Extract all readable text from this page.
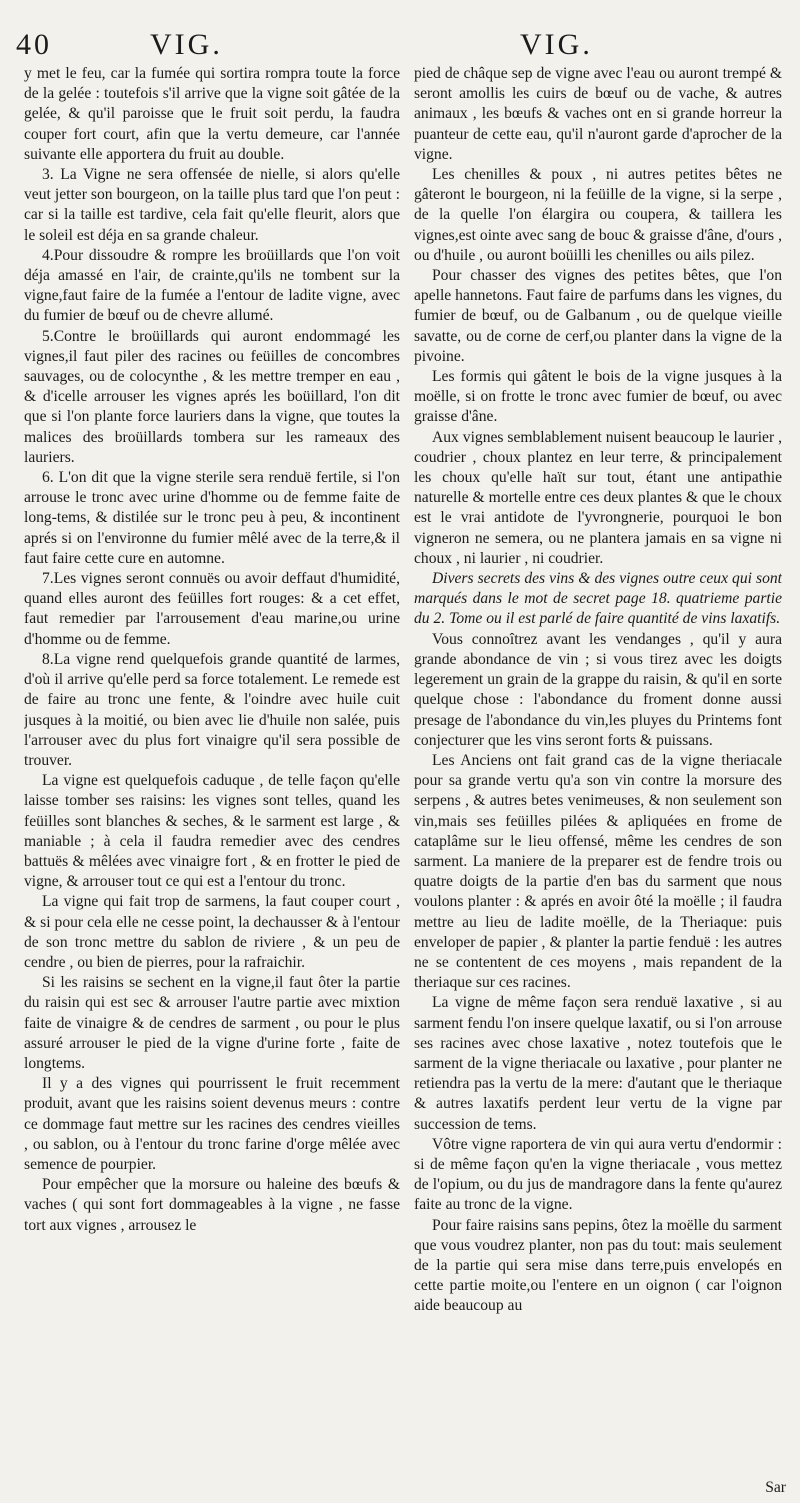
40	VIG.	VIG.

y met le feu, car la fumée qui sortira rompra toute la force de la gelée : toutefois s'il arrive que la vigne soit gâtée de la gelée, & qu'il paroisse que le fruit soit perdu, la faudra couper fort court, afin que la vertu demeure, car l'année suivante elle apportera du fruit au double.

3. La Vigne ne sera offensée de nielle, si alors qu'elle veut jetter son bourgeon, on la taille plus tard que l'on peut : car si la taille est tardive, cela fait qu'elle fleurit, alors que le soleil est déja en sa grande chaleur.

4.Pour dissoudre & rompre les broüillards que l'on voit déja amassé en l'air, de crainte,qu'ils ne tombent sur la vigne,faut faire de la fumée a l'entour de ladite vigne, avec du fumier de bœuf ou de chevre allumé.

5.Contre le broüillards qui auront endommagé les vignes,il faut piler des racines ou feüilles de concombres sauvages, ou de colocynthe , & les mettre tremper en eau , & d'icelle arrouser les vignes aprés les boüillard, l'on dit que si l'on plante force lauriers dans la vigne, que toutes la malices des broüillards tombera sur les rameaux des lauriers.

6. L'on dit que la vigne sterile sera renduë fertile, si l'on arrouse le tronc avec urine d'homme ou de femme faite de long-tems, & distilée sur le tronc peu à peu, & incontinent aprés si on l'environne du fumier mêlé avec de la terre,& il faut faire cette cure en automne.

7.Les vignes seront connuës ou avoir deffaut d'humidité, quand elles auront des feüilles fort rouges: & a cet effet, faut remedier par l'arrousement d'eau marine,ou urine d'homme ou de femme.

8.La vigne rend quelquefois grande quantité de larmes, d'où il arrive qu'elle perd sa force totalement. Le remede est de faire au tronc une fente, & l'oindre avec huile cuit jusques à la moitié, ou bien avec lie d'huile non salée, puis l'arrouser avec du plus fort vinaigre qu'il sera possible de trouver.

La vigne est quelquefois caduque , de telle façon qu'elle laisse tomber ses raisins: les vignes sont telles, quand les feüilles sont blanches & seches, & le sarment est large , & maniable ; à cela il faudra remedier avec des cendres battuës & mêlées avec vinaigre fort , & en frotter le pied de vigne, & arrouser tout ce qui est a l'entour du tronc.

La vigne qui fait trop de sarmens, la faut couper court , & si pour cela elle ne cesse point, la dechausser & à l'entour de son tronc mettre du sablon de riviere , & un peu de cendre , ou bien de pierres, pour la rafraichir.

Si les raisins se sechent en la vigne,il faut ôter la partie du raisin qui est sec & arrouser l'autre partie avec mixtion faite de vinaigre & de cendres de sarment , ou pour le plus assuré arrouser le pied de la vigne d'urine forte , faite de longtems.

Il y a des vignes qui pourrissent le fruit recemment produit, avant que les raisins soient devenus meurs : contre ce dommage faut mettre sur les racines des cendres vieilles , ou sablon, ou à l'entour du tronc farine d'orge mêlée avec semence de pourpier.

Pour empêcher que la morsure ou haleine des bœufs & vaches ( qui sont fort dommageables à la vigne , ne fasse tort aux vignes , arrousez le

pied de châque sep de vigne avec l'eau ou auront trempé & seront amollis les cuirs de bœuf ou de vache, & autres animaux , les bœufs & vaches ont en si grande horreur la puanteur de cette eau, qu'il n'auront garde d'aprocher de la vigne.

Les chenilles & poux , ni autres petites bêtes ne gâteront le bourgeon, ni la feüille de la vigne, si la serpe , de la quelle l'on élargira ou coupera, & taillera les vignes,est ointe avec sang de bouc & graisse d'âne, d'ours , ou d'huile , ou auront boüilli les chenilles ou ails pilez.

Pour chasser des vignes des petites bêtes, que l'on apelle hannetons. Faut faire de parfums dans les vignes, du fumier de bœuf, ou de Galbanum , ou de quelque vieille savatte, ou de corne de cerf,ou planter dans la vigne de la pivoine.

Les formis qui gâtent le bois de la vigne jusques à la moëlle, si on frotte le tronc avec fumier de bœuf, ou avec graisse d'âne.

Aux vignes semblablement nuisent beaucoup le laurier , coudrier , choux plantez en leur terre, & principalement les choux qu'elle haït sur tout, étant une antipathie naturelle & mortelle entre ces deux plantes & que le choux est le vrai antidote de l'yvrongnerie, pourquoi le bon vigneron ne semera, ou ne plantera jamais en sa vigne ni choux , ni laurier , ni coudrier.

Divers secrets des vins & des vignes outre ceux qui sont marqués dans le mot de secret page 18. quatrieme partie du 2. Tome ou il est parlé de faire quantité de vins laxatifs.

Vous connoîtrez avant les vendanges , qu'il y aura grande abondance de vin ; si vous tirez avec les doigts legerement un grain de la grappe du raisin, & qu'il en sorte quelque chose : l'abondance du froment donne aussi presage de l'abondance du vin,les pluyes du Printems font conjecturer que les vins seront forts & puissans.

Les Anciens ont fait grand cas de la vigne theriacale pour sa grande vertu qu'a son vin contre la morsure des serpens , & autres betes venimeuses, & non seulement son vin,mais ses feüilles pilées & apliquées en frome de cataplâme sur le lieu offensé, même les cendres de son sarment. La maniere de la preparer est de fendre trois ou quatre doigts de la partie d'en bas du sarment que nous voulons planter : & aprés en avoir ôté la moëlle ; il faudra mettre au lieu de ladite moëlle, de la Theriaque: puis enveloper de papier , & planter la partie fenduë : les autres ne se contentent de ces moyens , mais repandent de la theriaque sur ces racines.

La vigne de même façon sera renduë laxative , si au sarment fendu l'on insere quelque laxatif, ou si l'on arrouse ses racines avec chose laxative , notez toutefois que le sarment de la vigne theriacale ou laxative , pour planter ne retiendra pas la vertu de la mere: d'autant que le theriaque & autres laxatifs perdent leur vertu de la vigne par succession de tems.

Vôtre vigne raportera de vin qui aura vertu d'endormir : si de même façon qu'en la vigne theriacale , vous mettez de l'opium, ou du jus de mandragore dans la fente qu'aurez faite au tronc de la vigne.

Pour faire raisins sans pepins, ôtez la moëlle du sarment que vous voudrez planter, non pas du tout: mais seulement de la partie qui sera mise dans terre,puis envelopés en cette partie moite,ou l'entere en un oignon ( car l'oignon aide beaucoup au

Sar
